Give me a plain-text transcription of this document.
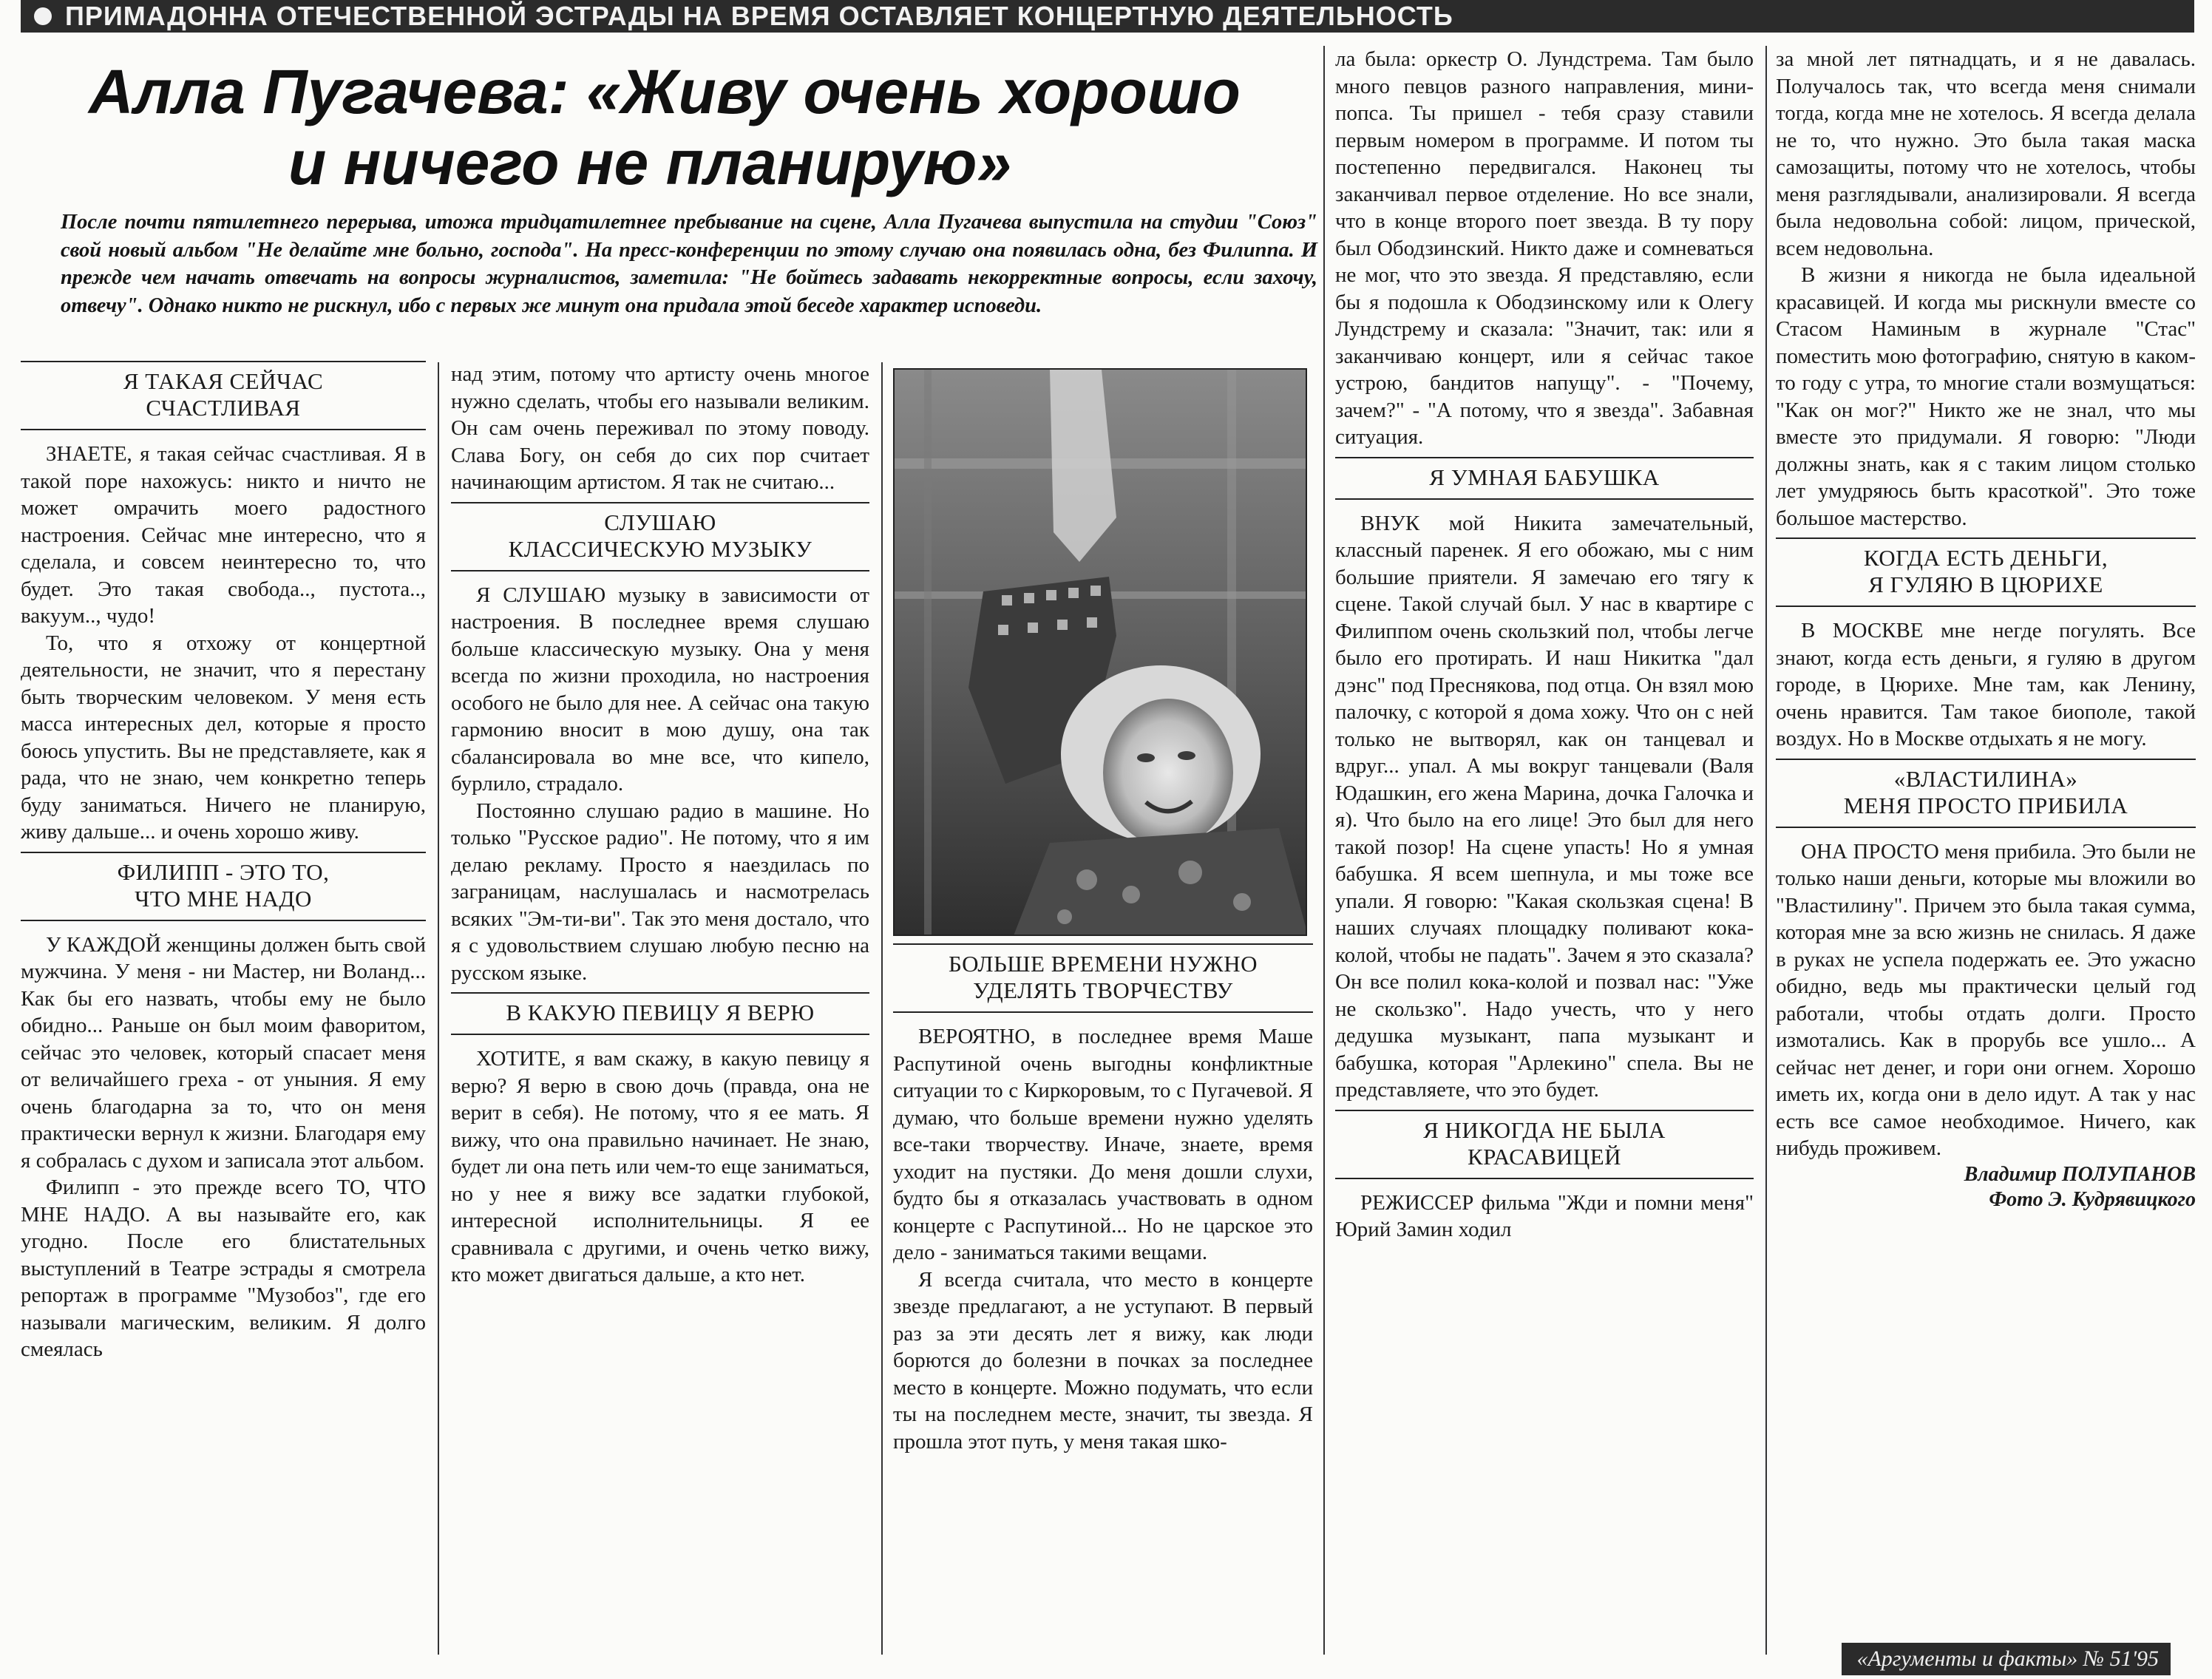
ПРИМАДОННА ОТЕЧЕСТВЕННОЙ ЭСТРАДЫ НА ВРЕМЯ ОСТАВЛЯЕТ КОНЦЕРТНУЮ ДЕЯТЕЛЬНОСТЬ
Алла Пугачева: «Живу очень хорошо
и ничего не планирую»

После почти пятилетнего перерыва, итожа тридцатилетнее пребывание на сцене, Алла Пугачева выпустила на студии "Союз" свой новый альбом "Не делайте мне больно, господа". На пресс-конференции по этому случаю она появилась одна, без Филиппа. И прежде чем начать отвечать на вопросы журналистов, заметила: "Не бойтесь задавать некорректные вопросы, если захочу, отвечу". Однако никто не рискнул, ибо с первых же минут она придала этой беседе характер исповеди.

Я ТАКАЯ СЕЙЧАС
СЧАСТЛИВАЯ

ЗНАЕТЕ, я такая сейчас счастливая. Я в такой поре нахожусь: никто и ничто не может омрачить моего радостного настроения. Сейчас мне интересно, что я сделала, и совсем неинтересно то, что будет. Это такая свобода.., пустота.., вакуум.., чудо!

То, что я отхожу от концертной деятельности, не значит, что я перестану быть творческим человеком. У меня есть масса интересных дел, которые я просто боюсь упустить. Вы не представляете, как я рада, что не знаю, чем конкретно теперь буду заниматься. Ничего не планирую, живу дальше... и очень хорошо живу.

ФИЛИПП - ЭТО ТО,
ЧТО МНЕ НАДО

У КАЖДОЙ женщины должен быть свой мужчина. У меня - ни Мастер, ни Воланд... Как бы его назвать, чтобы ему не было обидно... Раньше он был моим фаворитом, сейчас это человек, который спасает меня от величайшего греха - от уныния. Я ему очень благодарна за то, что он меня практически вернул к жизни. Благодаря ему я собралась с духом и записала этот альбом.

Филипп - это прежде всего ТО, ЧТО МНЕ НАДО. А вы называйте его, как угодно. После его блистательных выступлений в Театре эстрады я смотрела репортаж в программе "Музобоз", где его называли магическим, великим. Я долго смеялась

над этим, потому что артисту очень многое нужно сделать, чтобы его называли великим. Он сам очень переживал по этому поводу. Слава Богу, он себя до сих пор считает начинающим артистом. Я так не считаю...

СЛУШАЮ
КЛАССИЧЕСКУЮ МУЗЫКУ

Я СЛУШАЮ музыку в зависимости от настроения. В последнее время слушаю больше классическую музыку. Она у меня всегда по жизни проходила, но настроения особого не было для нее. А сейчас она такую гармонию вносит в мою душу, она так сбалансировала во мне все, что кипело, бурлило, страдало.

Постоянно слушаю радио в машине. Но только "Русское радио". Не потому, что я им делаю рекламу. Просто я наездилась по заграницам, наслушалась и насмотрелась всяких "Эм-ти-ви". Так это меня достало, что я с удовольствием слушаю любую песню на русском языке.

В КАКУЮ ПЕВИЦУ Я ВЕРЮ

ХОТИТЕ, я вам скажу, в какую певицу я верю? Я верю в свою дочь (правда, она не верит в себя). Не потому, что я ее мать. Я вижу, что она правильно начинает. Не знаю, будет ли она петь или чем-то еще заниматься, но у нее я вижу все задатки глубокой, интересной исполнительницы. Я ее сравнивала с другими, и очень четко вижу, кто может двигаться дальше, а кто нет.

БОЛЬШЕ ВРЕМЕНИ НУЖНО
УДЕЛЯТЬ ТВОРЧЕСТВУ

ВЕРОЯТНО, в последнее время Маше Распутиной очень выгодны конфликтные ситуации то с Киркоровым, то с Пугачевой. Я думаю, что больше времени нужно уделять все-таки творчеству. Иначе, знаете, время уходит на пустяки. До меня дошли слухи, будто бы я отказалась участвовать в одном концерте с Распутиной... Но не царское это дело - заниматься такими вещами.

Я всегда считала, что место в концерте звезде предлагают, а не уступают. В первый раз за эти десять лет я вижу, как люди борются до болезни в почках за последнее место в концерте. Можно подумать, что если ты на последнем месте, значит, ты звезда. Я прошла этот путь, у меня такая шко-

ла была: оркестр О. Лундстрема. Там было много певцов разного направления, мини-попса. Ты пришел - тебя сразу ставили первым номером в программе. И потом ты постепенно передвигался. Наконец ты заканчивал первое отделение. Но все знали, что в конце второго поет звезда. В ту пору был Ободзинский. Никто даже и сомневаться не мог, что это звезда. Я представляю, если бы я подошла к Ободзинскому или к Олегу Лундстрему и сказала: "Значит, так: или я заканчиваю концерт, или я сейчас такое устрою, бандитов напущу". - "Почему, зачем?" - "А потому, что я звезда". Забавная ситуация.

Я УМНАЯ БАБУШКА

ВНУК мой Никита замечательный, классный паренек. Я его обожаю, мы с ним большие приятели. Я замечаю его тягу к сцене. Такой случай был. У нас в квартире с Филиппом очень скользкий пол, чтобы легче было его протирать. И наш Никитка "дал дэнс" под Преснякова, под отца. Он взял мою палочку, с которой я дома хожу. Что он с ней только не вытворял, как он танцевал и вдруг... упал. А мы вокруг танцевали (Валя Юдашкин, его жена Марина, дочка Галочка и я). Что было на его лице! Это был для него такой позор! На сцене упасть! Но я умная бабушка. Я всем шепнула, и мы тоже все упали. Я говорю: "Какая скользкая сцена! В наших случаях площадку поливают кока-колой, чтобы не падать". Зачем я это сказала? Он все полил кока-колой и позвал нас: "Уже не скользко". Надо учесть, что у него дедушка музыкант, папа музыкант и бабушка, которая "Арлекино" спела. Вы не представляете, что это будет.

Я НИКОГДА НЕ БЫЛА
КРАСАВИЦЕЙ

РЕЖИССЕР фильма "Жди и помни меня" Юрий Замин ходил

за мной лет пятнадцать, и я не давалась. Получалось так, что всегда меня снимали тогда, когда мне не хотелось. Я всегда делала не то, что нужно. Это была такая маска самозащиты, потому что не хотелось, чтобы меня разглядывали, анализировали. Я всегда была недовольна собой: лицом, прической, всем недовольна.

В жизни я никогда не была идеальной красавицей. И когда мы рискнули вместе со Стасом Наминым в журнале "Стас" поместить мою фотографию, снятую в каком-то году с утра, то многие стали возмущаться: "Как он мог?" Никто же не знал, что мы вместе это придумали. Я говорю: "Люди должны знать, как я с таким лицом столько лет умудряюсь быть красоткой". Это тоже большое мастерство.

КОГДА ЕСТЬ ДЕНЬГИ,
Я ГУЛЯЮ В ЦЮРИХЕ

В МОСКВЕ мне негде погулять. Все знают, когда есть деньги, я гуляю в другом городе, в Цюрихе. Мне там, как Ленину, очень нравится. Там такое биополе, такой воздух. Но в Москве отдыхать я не могу.

«ВЛАСТИЛИНА»
МЕНЯ ПРОСТО ПРИБИЛА

ОНА ПРОСТО меня прибила. Это были не только наши деньги, которые мы вложили во "Властилину". Причем это была такая сумма, которая мне за всю жизнь не снилась. Я даже в руках не успела подержать ее. Это ужасно обидно, ведь мы практически целый год работали, чтобы отдать долги. Просто измотались. Как в прорубь все ушло... А сейчас нет денег, и гори они огнем. Хорошо иметь их, когда они в дело идут. А так у нас есть все самое необходимое. Ничего, как нибудь проживем.

Владимир ПОЛУПАНОВ
Фото Э. Кудрявицкого
«Аргументы и факты» № 51'95
